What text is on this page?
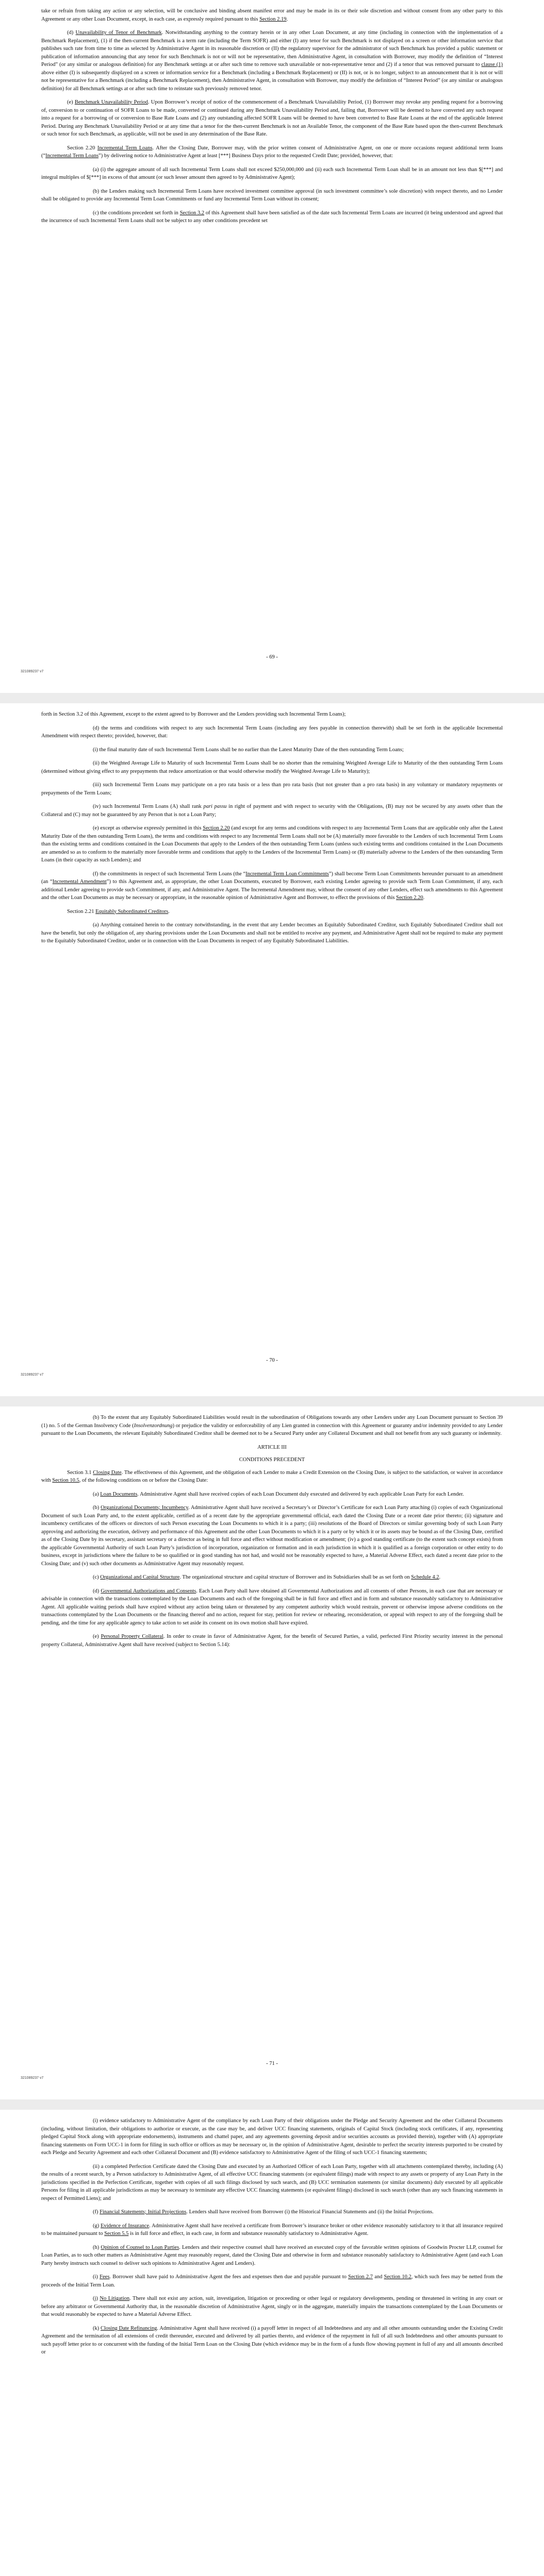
take or refrain from taking any action or any selection, will be conclusive and binding absent manifest error and may be made in its or their sole discretion and without consent from any other party to this Agreement or any other Loan Document, except, in each case, as expressly required pursuant to this Section 2.19.

(d) Unavailability of Tenor of Benchmark. Notwithstanding anything to the contrary herein or in any other Loan Document, at any time (including in connection with the implementation of a Benchmark Replacement), (1) if the then-current Benchmark is a term rate (including the Term SOFR) and either (I) any tenor for such Benchmark is not displayed on a screen or other information service that publishes such rate from time to time as selected by Administrative Agent in its reasonable discretion or (II) the regulatory supervisor for the administrator of such Benchmark has provided a public statement or publication of information announcing that any tenor for such Benchmark is not or will not be representative, then Administrative Agent, in consultation with Borrower, may modify the definition of “Interest Period” (or any similar or analogous definition) for any Benchmark settings at or after such time to remove such unavailable or non-representative tenor and (2) if a tenor that was removed pursuant to clause (1) above either (I) is subsequently displayed on a screen or information service for a Benchmark (including a Benchmark Replacement) or (II) is not, or is no longer, subject to an announcement that it is not or will not be representative for a Benchmark (including a Benchmark Replacement), then Administrative Agent, in consultation with Borrower, may modify the definition of “Interest Period” (or any similar or analogous definition) for all Benchmark settings at or after such time to reinstate such previously removed tenor.

(e) Benchmark Unavailability Period. Upon Borrower’s receipt of notice of the commencement of a Benchmark Unavailability Period, (1) Borrower may revoke any pending request for a borrowing of, conversion to or continuation of SOFR Loans to be made, converted or continued during any Benchmark Unavailability Period and, failing that, Borrower will be deemed to have converted any such request into a request for a borrowing of or conversion to Base Rate Loans and (2) any outstanding affected SOFR Loans will be deemed to have been converted to Base Rate Loans at the end of the applicable Interest Period. During any Benchmark Unavailability Period or at any time that a tenor for the then-current Benchmark is not an Available Tenor, the component of the Base Rate based upon the then-current Benchmark or such tenor for such Benchmark, as applicable, will not be used in any determination of the Base Rate.

Section 2.20 Incremental Term Loans. After the Closing Date, Borrower may, with the prior written consent of Administrative Agent, on one or more occasions request additional term loans (“Incremental Term Loans”) by delivering notice to Administrative Agent at least [***] Business Days prior to the requested Credit Date; provided, however, that:

(a) (i) the aggregate amount of all such Incremental Term Loans shall not exceed $250,000,000 and (ii) each such Incremental Term Loan shall be in an amount not less than $[***] and integral multiples of $[***] in excess of that amount (or such lesser amount then agreed to by Administrative Agent);

(b) the Lenders making such Incremental Term Loans have received investment committee approval (in such investment committee’s sole discretion) with respect thereto, and no Lender shall be obligated to provide any Incremental Term Loan Commitments or fund any Incremental Term Loan without its consent;

(c) the conditions precedent set forth in Section 3.2 of this Agreement shall have been satisfied as of the date such Incremental Term Loans are incurred (it being understood and agreed that the incurrence of such Incremental Term Loans shall not be subject to any other conditions precedent set

- 69 -
321089237 v7

forth in Section 3.2 of this Agreement, except to the extent agreed to by Borrower and the Lenders providing such Incremental Term Loans);

(d) the terms and conditions with respect to any such Incremental Term Loans (including any fees payable in connection therewith) shall be set forth in the applicable Incremental Amendment with respect thereto; provided, however, that:

(i) the final maturity date of such Incremental Term Loans shall be no earlier than the Latest Maturity Date of the then outstanding Term Loans;

(ii) the Weighted Average Life to Maturity of such Incremental Term Loans shall be no shorter than the remaining Weighted Average Life to Maturity of the then outstanding Term Loans (determined without giving effect to any prepayments that reduce amortization or that would otherwise modify the Weighted Average Life to Maturity);

(iii) such Incremental Term Loans may participate on a pro rata basis or a less than pro rata basis (but not greater than a pro rata basis) in any voluntary or mandatory repayments or prepayments of the Term Loans;

(iv) such Incremental Term Loans (A) shall rank pari passu in right of payment and with respect to security with the Obligations, (B) may not be secured by any assets other than the Collateral and (C) may not be guaranteed by any Person that is not a Loan Party;

(e) except as otherwise expressly permitted in this Section 2.20 (and except for any terms and conditions with respect to any Incremental Term Loans that are applicable only after the Latest Maturity Date of the then outstanding Term Loans), the terms and conditions with respect to any Incremental Term Loans shall not be (A) materially more favorable to the Lenders of such Incremental Term Loans than the existing terms and conditions contained in the Loan Documents that apply to the Lenders of the then outstanding Term Loans (unless such existing terms and conditions contained in the Loan Documents are amended so as to conform to the materially more favorable terms and conditions that apply to the Lenders of the Incremental Term Loans) or (B) materially adverse to the Lenders of the then outstanding Term Loans (in their capacity as such Lenders); and

(f) the commitments in respect of such Incremental Term Loans (the “Incremental Term Loan Commitments”) shall become Term Loan Commitments hereunder pursuant to an amendment (an “Incremental Amendment”) to this Agreement and, as appropriate, the other Loan Documents, executed by Borrower, each existing Lender agreeing to provide such Term Loan Commitment, if any, each additional Lender agreeing to provide such Commitment, if any, and Administrative Agent. The Incremental Amendment may, without the consent of any other Lenders, effect such amendments to this Agreement and the other Loan Documents as may be necessary or appropriate, in the reasonable opinion of Administrative Agent and Borrower, to effect the provisions of this Section 2.20.

Section 2.21 Equitably Subordinated Creditors.

(a) Anything contained herein to the contrary notwithstanding, in the event that any Lender becomes an Equitably Subordinated Creditor, such Equitably Subordinated Creditor shall not have the benefit, but only the obligation of, any sharing provisions under the Loan Documents and shall not be entitled to receive any payment, and Administrative Agent shall not be required to make any payment to the Equitably Subordinated Creditor, under or in connection with the Loan Documents in respect of any Equitably Subordinated Liabilities.

- 70 -
321089237 v7

(b) To the extent that any Equitably Subordinated Liabilities would result in the subordination of Obligations towards any other Lenders under any Loan Document pursuant to Section 39 (1) no. 5 of the German Insolvency Code (Insolvenzordnung) or prejudice the validity or enforceability of any Lien granted in connection with this Agreement or guaranty and/or indemnity provided to any Lender pursuant to the Loan Documents, the relevant Equitably Subordinated Creditor shall be deemed not to be a Secured Party under any Collateral Document and shall not benefit from any such guaranty or indemnity.

ARTICLE III

CONDITIONS PRECEDENT

Section 3.1 Closing Date. The effectiveness of this Agreement, and the obligation of each Lender to make a Credit Extension on the Closing Date, is subject to the satisfaction, or waiver in accordance with Section 10.5, of the following conditions on or before the Closing Date:

(a) Loan Documents. Administrative Agent shall have received copies of each Loan Document duly executed and delivered by each applicable Loan Party for each Lender.

(b) Organizational Documents; Incumbency. Administrative Agent shall have received a Secretary’s or Director’s Certificate for each Loan Party attaching (i) copies of each Organizational Document of such Loan Party and, to the extent applicable, certified as of a recent date by the appropriate governmental official, each dated the Closing Date or a recent date prior thereto; (ii) signature and incumbency certificates of the officers or directors of such Person executing the Loan Documents to which it is a party; (iii) resolutions of the Board of Directors or similar governing body of such Loan Party approving and authorizing the execution, delivery and performance of this Agreement and the other Loan Documents to which it is a party or by which it or its assets may be bound as of the Closing Date, certified as of the Closing Date by its secretary, assistant secretary or a director as being in full force and effect without modification or amendment; (iv) a good standing certificate (to the extent such concept exists) from the applicable Governmental Authority of such Loan Party’s jurisdiction of incorporation, organization or formation and in each jurisdiction in which it is qualified as a foreign corporation or other entity to do business, except in jurisdictions where the failure to be so qualified or in good standing has not had, and would not be reasonably expected to have, a Material Adverse Effect, each dated a recent date prior to the Closing Date; and (v) such other documents as Administrative Agent may reasonably request.

(c) Organizational and Capital Structure. The organizational structure and capital structure of Borrower and its Subsidiaries shall be as set forth on Schedule 4.2.

(d) Governmental Authorizations and Consents. Each Loan Party shall have obtained all Governmental Authorizations and all consents of other Persons, in each case that are necessary or advisable in connection with the transactions contemplated by the Loan Documents and each of the foregoing shall be in full force and effect and in form and substance reasonably satisfactory to Administrative Agent. All applicable waiting periods shall have expired without any action being taken or threatened by any competent authority which would restrain, prevent or otherwise impose adverse conditions on the transactions contemplated by the Loan Documents or the financing thereof and no action, request for stay, petition for review or rehearing, reconsideration, or appeal with respect to any of the foregoing shall be pending, and the time for any applicable agency to take action to set aside its consent on its own motion shall have expired.

(e) Personal Property Collateral. In order to create in favor of Administrative Agent, for the benefit of Secured Parties, a valid, perfected First Priority security interest in the personal property Collateral, Administrative Agent shall have received (subject to Section 5.14):

- 71 -
321089237 v7

(i) evidence satisfactory to Administrative Agent of the compliance by each Loan Party of their obligations under the Pledge and Security Agreement and the other Collateral Documents (including, without limitation, their obligations to authorize or execute, as the case may be, and deliver UCC financing statements, originals of Capital Stock (including stock certificates, if any, representing pledged Capital Stock along with appropriate endorsements), instruments and chattel paper, and any agreements governing deposit and/or securities accounts as provided therein), together with (A) appropriate financing statements on Form UCC-1 in form for filing in such office or offices as may be necessary or, in the opinion of Administrative Agent, desirable to perfect the security interests purported to be created by each Pledge and Security Agreement and each other Collateral Document and (B) evidence satisfactory to Administrative Agent of the filing of such UCC-1 financing statements;

(ii) a completed Perfection Certificate dated the Closing Date and executed by an Authorized Officer of each Loan Party, together with all attachments contemplated thereby, including (A) the results of a recent search, by a Person satisfactory to Administrative Agent, of all effective UCC financing statements (or equivalent filings) made with respect to any assets or property of any Loan Party in the jurisdictions specified in the Perfection Certificate, together with copies of all such filings disclosed by such search, and (B) UCC termination statements (or similar documents) duly executed by all applicable Persons for filing in all applicable jurisdictions as may be necessary to terminate any effective UCC financing statements (or equivalent filings) disclosed in such search (other than any such financing statements in respect of Permitted Liens); and

(f) Financial Statements; Initial Projections. Lenders shall have received from Borrower (i) the Historical Financial Statements and (ii) the Initial Projections.

(g) Evidence of Insurance. Administrative Agent shall have received a certificate from Borrower’s insurance broker or other evidence reasonably satisfactory to it that all insurance required to be maintained pursuant to Section 5.5 is in full force and effect, in each case, in form and substance reasonably satisfactory to Administrative Agent.

(h) Opinion of Counsel to Loan Parties. Lenders and their respective counsel shall have received an executed copy of the favorable written opinions of Goodwin Procter LLP, counsel for Loan Parties, as to such other matters as Administrative Agent may reasonably request, dated the Closing Date and otherwise in form and substance reasonably satisfactory to Administrative Agent (and each Loan Party hereby instructs such counsel to deliver such opinions to Administrative Agent and Lenders).

(i) Fees. Borrower shall have paid to Administrative Agent the fees and expenses then due and payable pursuant to Section 2.7 and Section 10.2, which such fees may be netted from the proceeds of the Initial Term Loan.

(j) No Litigation. There shall not exist any action, suit, investigation, litigation or proceeding or other legal or regulatory developments, pending or threatened in writing in any court or before any arbitrator or Governmental Authority that, in the reasonable discretion of Administrative Agent, singly or in the aggregate, materially impairs the transactions contemplated by the Loan Documents or that would reasonably be expected to have a Material Adverse Effect.

(k) Closing Date Refinancing. Administrative Agent shall have received (i) a payoff letter in respect of all Indebtedness and any and all other amounts outstanding under the Existing Credit Agreement and the termination of all extensions of credit thereunder, executed and delivered by all parties thereto, and evidence of the repayment in full of all such Indebtedness and other amounts pursuant to such payoff letter prior to or concurrent with the funding of the Initial Term Loan on the Closing Date (which evidence may be in the form of a funds flow showing payment in full of any and all amounts described or
